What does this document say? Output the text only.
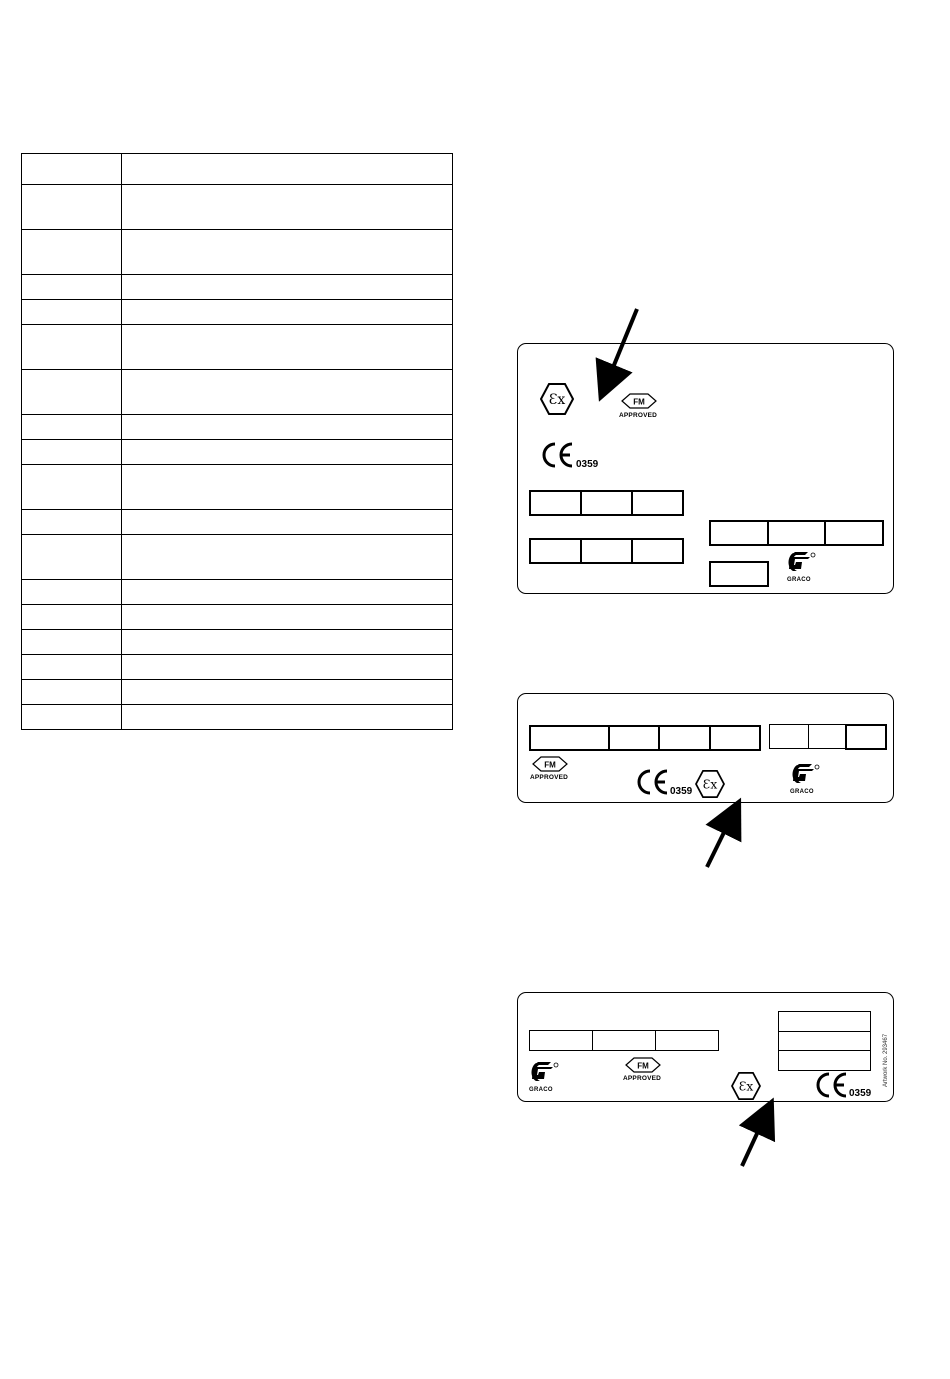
Ɛx	FM
APPROVED
0359
GRACO
FM
APPROVED
0359
Ɛx
GRACO
Artwork No. 293467
GRACO
FM
APPROVED
Ɛx
0359
